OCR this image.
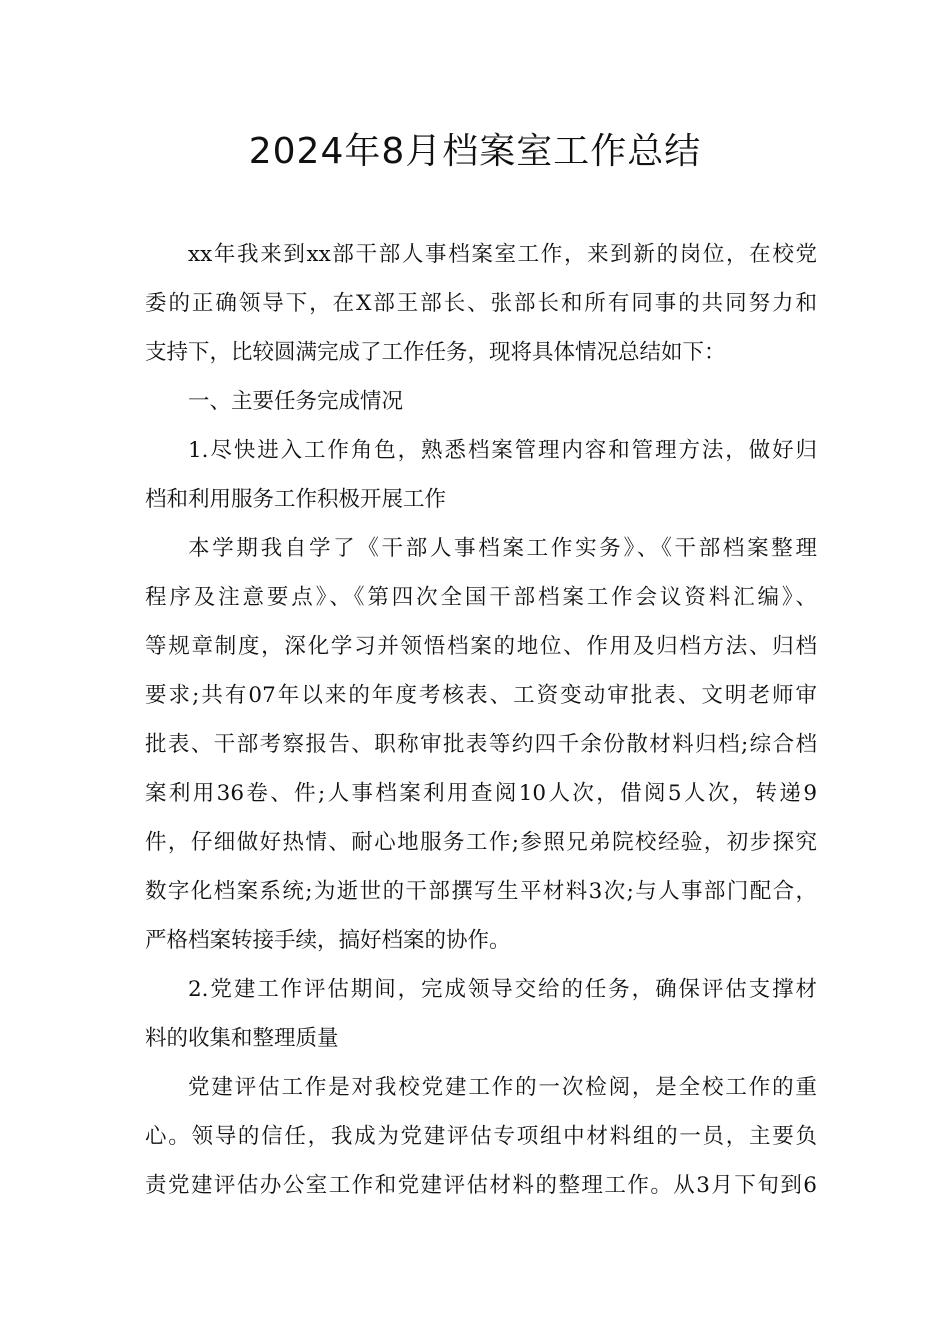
2024年8月档案室工作总结
xx年我来到xx部干部人事档案室工作，来到新的岗位，在校党
委的正确领导下，在X部王部长、张部长和所有同事的共同努力和
支持下，比较圆满完成了工作任务，现将具体情况总结如下：
一、主要任务完成情况
1.尽快进入工作角色，熟悉档案管理内容和管理方法，做好归
档和利用服务工作积极开展工作
本学期我自学了《干部人事档案工作实务》、《干部档案整理
程序及注意要点》、《第四次全国干部档案工作会议资料汇编》、
等规章制度，深化学习并领悟档案的地位、作用及归档方法、归档
要求;共有07年以来的年度考核表、工资变动审批表、文明老师审
批表、干部考察报告、职称审批表等约四千余份散材料归档;综合档
案利用36卷、件;人事档案利用查阅10人次，借阅5人次，转递9
件，仔细做好热情、耐心地服务工作;参照兄弟院校经验，初步探究
数字化档案系统;为逝世的干部撰写生平材料3次;与人事部门配合，
严格档案转接手续，搞好档案的协作。
2.党建工作评估期间，完成领导交给的任务，确保评估支撑材
料的收集和整理质量
党建评估工作是对我校党建工作的一次检阅，是全校工作的重
心。领导的信任，我成为党建评估专项组中材料组的一员，主要负
责党建评估办公室工作和党建评估材料的整理工作。从3月下旬到6
